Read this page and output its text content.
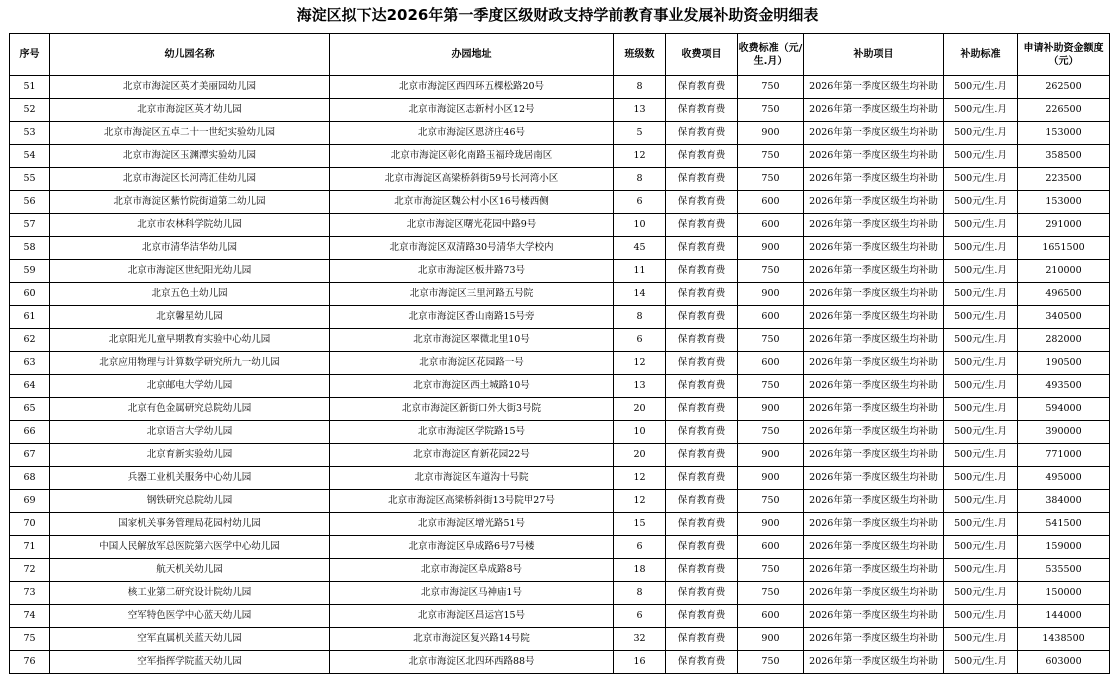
海淀区拟下达2026年第一季度区级财政支持学前教育事业发展补助资金明细表
序号	幼儿园名称	办园地址	班级数	收费项目	收费标准（元/生.月）	补助项目	补助标准	申请补助资金额度（元）
51	北京市海淀区英才美丽园幼儿园	北京市海淀区西四环五棵松路20号	8	保育教育费	750	2026年第一季度区级生均补助	500元/生.月	262500
52	北京市海淀区英才幼儿园	北京市海淀区志新村小区12号	13	保育教育费	750	2026年第一季度区级生均补助	500元/生.月	226500
53	北京市海淀区五卓二十一世纪实验幼儿园	北京市海淀区恩济庄46号	5	保育教育费	900	2026年第一季度区级生均补助	500元/生.月	153000
54	北京市海淀区玉渊潭实验幼儿园	北京市海淀区彰化南路玉福玲珑居南区	12	保育教育费	750	2026年第一季度区级生均补助	500元/生.月	358500
55	北京市海淀区长河湾汇佳幼儿园	北京市海淀区高梁桥斜街59号长河湾小区	8	保育教育费	750	2026年第一季度区级生均补助	500元/生.月	223500
56	北京市海淀区紫竹院街道第二幼儿园	北京市海淀区魏公村小区16号楼西侧	6	保育教育费	600	2026年第一季度区级生均补助	500元/生.月	153000
57	北京市农林科学院幼儿园	北京市海淀区曙光花园中路9号	10	保育教育费	600	2026年第一季度区级生均补助	500元/生.月	291000
58	北京市清华洁华幼儿园	北京市海淀区双清路30号清华大学校内	45	保育教育费	900	2026年第一季度区级生均补助	500元/生.月	1651500
59	北京市海淀区世纪阳光幼儿园	北京市海淀区板井路73号	11	保育教育费	750	2026年第一季度区级生均补助	500元/生.月	210000
60	北京五色土幼儿园	北京市海淀区三里河路五号院	14	保育教育费	900	2026年第一季度区级生均补助	500元/生.月	496500
61	北京馨星幼儿园	北京市海淀区香山南路15号旁	8	保育教育费	600	2026年第一季度区级生均补助	500元/生.月	340500
62	北京阳光儿童早期教育实验中心幼儿园	北京市海淀区翠微北里10号	6	保育教育费	750	2026年第一季度区级生均补助	500元/生.月	282000
63	北京应用物理与计算数学研究所九一幼儿园	北京市海淀区花园路一号	12	保育教育费	600	2026年第一季度区级生均补助	500元/生.月	190500
64	北京邮电大学幼儿园	北京市海淀区西土城路10号	13	保育教育费	750	2026年第一季度区级生均补助	500元/生.月	493500
65	北京有色金属研究总院幼儿园	北京市海淀区新街口外大街3号院	20	保育教育费	900	2026年第一季度区级生均补助	500元/生.月	594000
66	北京语言大学幼儿园	北京市海淀区学院路15号	10	保育教育费	750	2026年第一季度区级生均补助	500元/生.月	390000
67	北京育新实验幼儿园	北京市海淀区育新花园22号	20	保育教育费	900	2026年第一季度区级生均补助	500元/生.月	771000
68	兵器工业机关服务中心幼儿园	北京市海淀区车道沟十号院	12	保育教育费	900	2026年第一季度区级生均补助	500元/生.月	495000
69	钢铁研究总院幼儿园	北京市海淀区高梁桥斜街13号院甲27号	12	保育教育费	750	2026年第一季度区级生均补助	500元/生.月	384000
70	国家机关事务管理局花园村幼儿园	北京市海淀区增光路51号	15	保育教育费	900	2026年第一季度区级生均补助	500元/生.月	541500
71	中国人民解放军总医院第六医学中心幼儿园	北京市海淀区阜成路6号7号楼	6	保育教育费	600	2026年第一季度区级生均补助	500元/生.月	159000
72	航天机关幼儿园	北京市海淀区阜成路8号	18	保育教育费	750	2026年第一季度区级生均补助	500元/生.月	535500
73	核工业第二研究设计院幼儿园	北京市海淀区马神庙1号	8	保育教育费	750	2026年第一季度区级生均补助	500元/生.月	150000
74	空军特色医学中心蓝天幼儿园	北京市海淀区昌运宫15号	6	保育教育费	600	2026年第一季度区级生均补助	500元/生.月	144000
75	空军直属机关蓝天幼儿园	北京市海淀区复兴路14号院	32	保育教育费	900	2026年第一季度区级生均补助	500元/生.月	1438500
76	空军指挥学院蓝天幼儿园	北京市海淀区北四环西路88号	16	保育教育费	750	2026年第一季度区级生均补助	500元/生.月	603000
